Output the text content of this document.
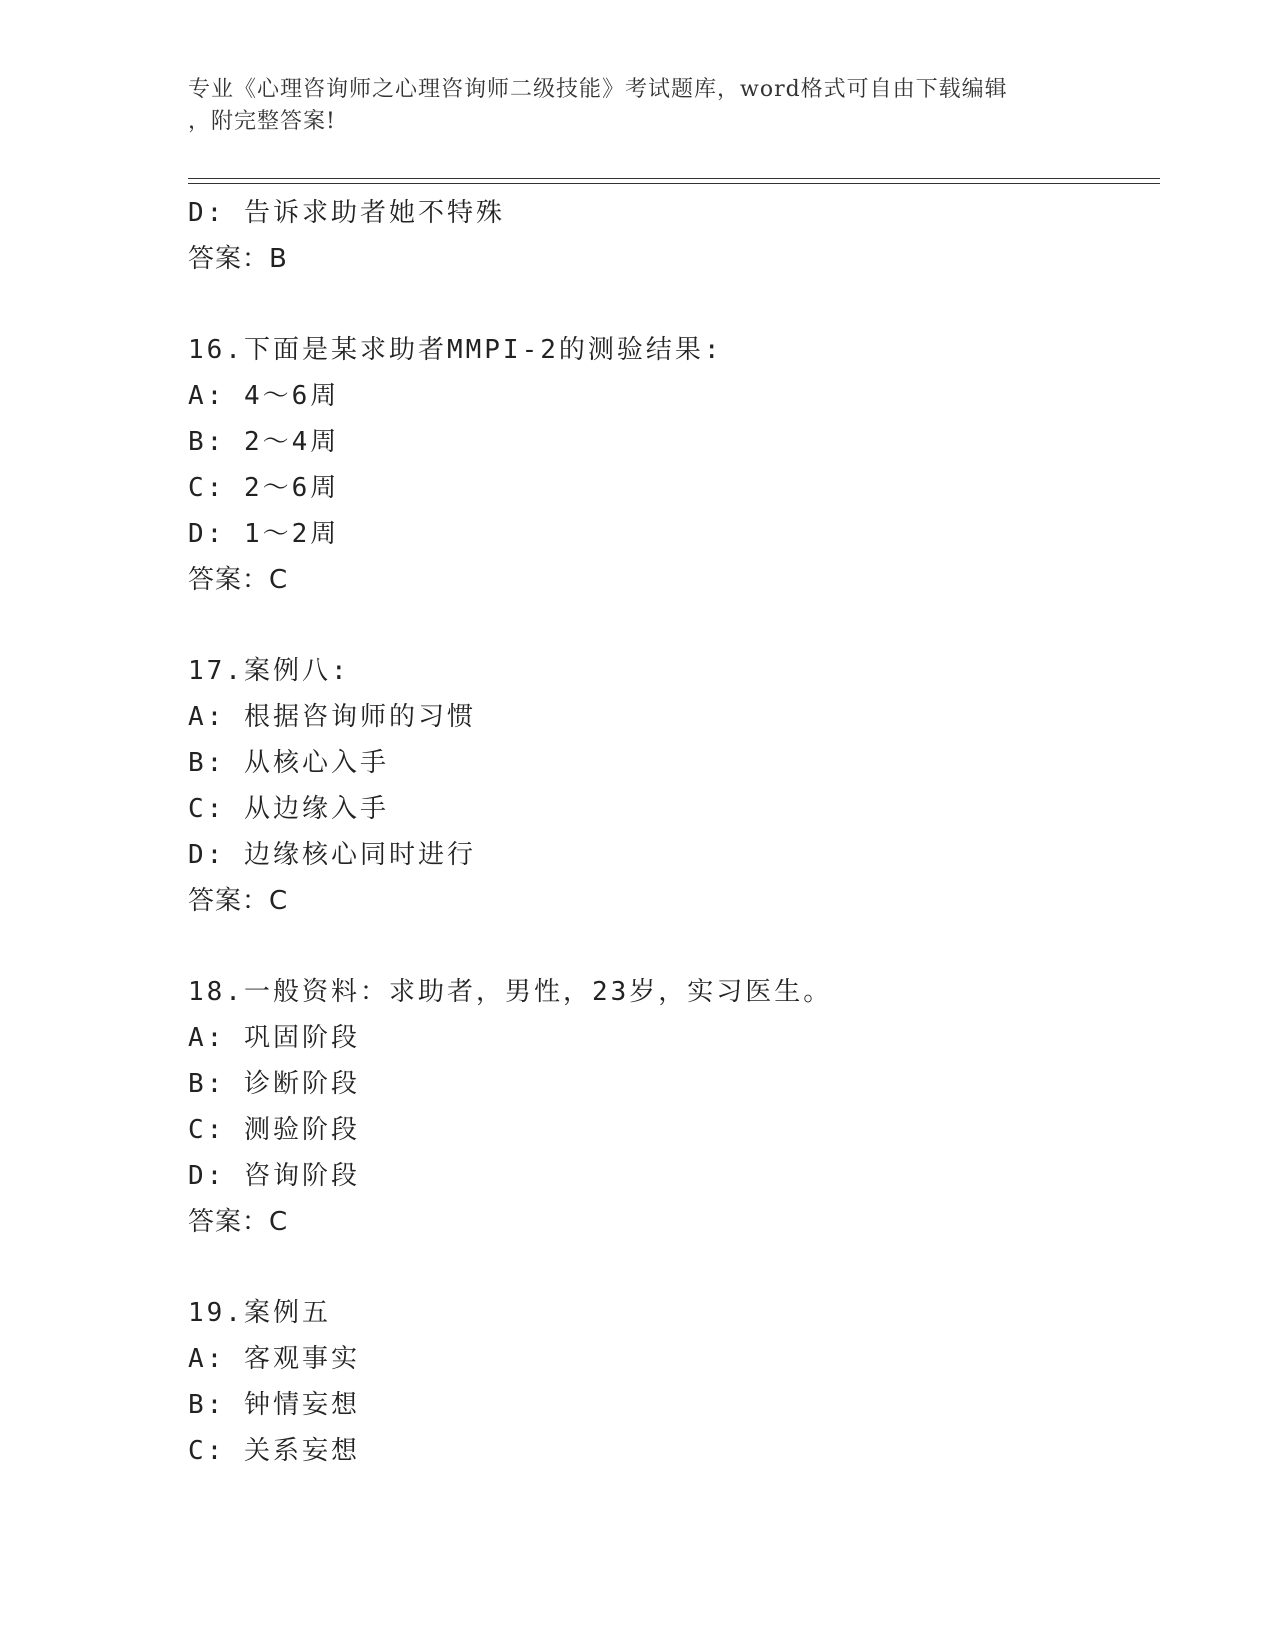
专业《心理咨询师之心理咨询师二级技能》考试题库，word格式可自由下载编辑
，附完整答案!
D: 告诉求助者她不特殊
答案：B
16.下面是某求助者MMPI-2的测验结果:
A: 4～6周
B: 2～4周
C: 2～6周
D: 1～2周
答案：C
17.案例八:
A: 根据咨询师的习惯
B: 从核心入手
C: 从边缘入手
D: 边缘核心同时进行
答案：C
18.一般资料：求助者，男性，23岁，实习医生。
A: 巩固阶段
B: 诊断阶段
C: 测验阶段
D: 咨询阶段
答案：C
19.案例五
A: 客观事实
B: 钟情妄想
C: 关系妄想
